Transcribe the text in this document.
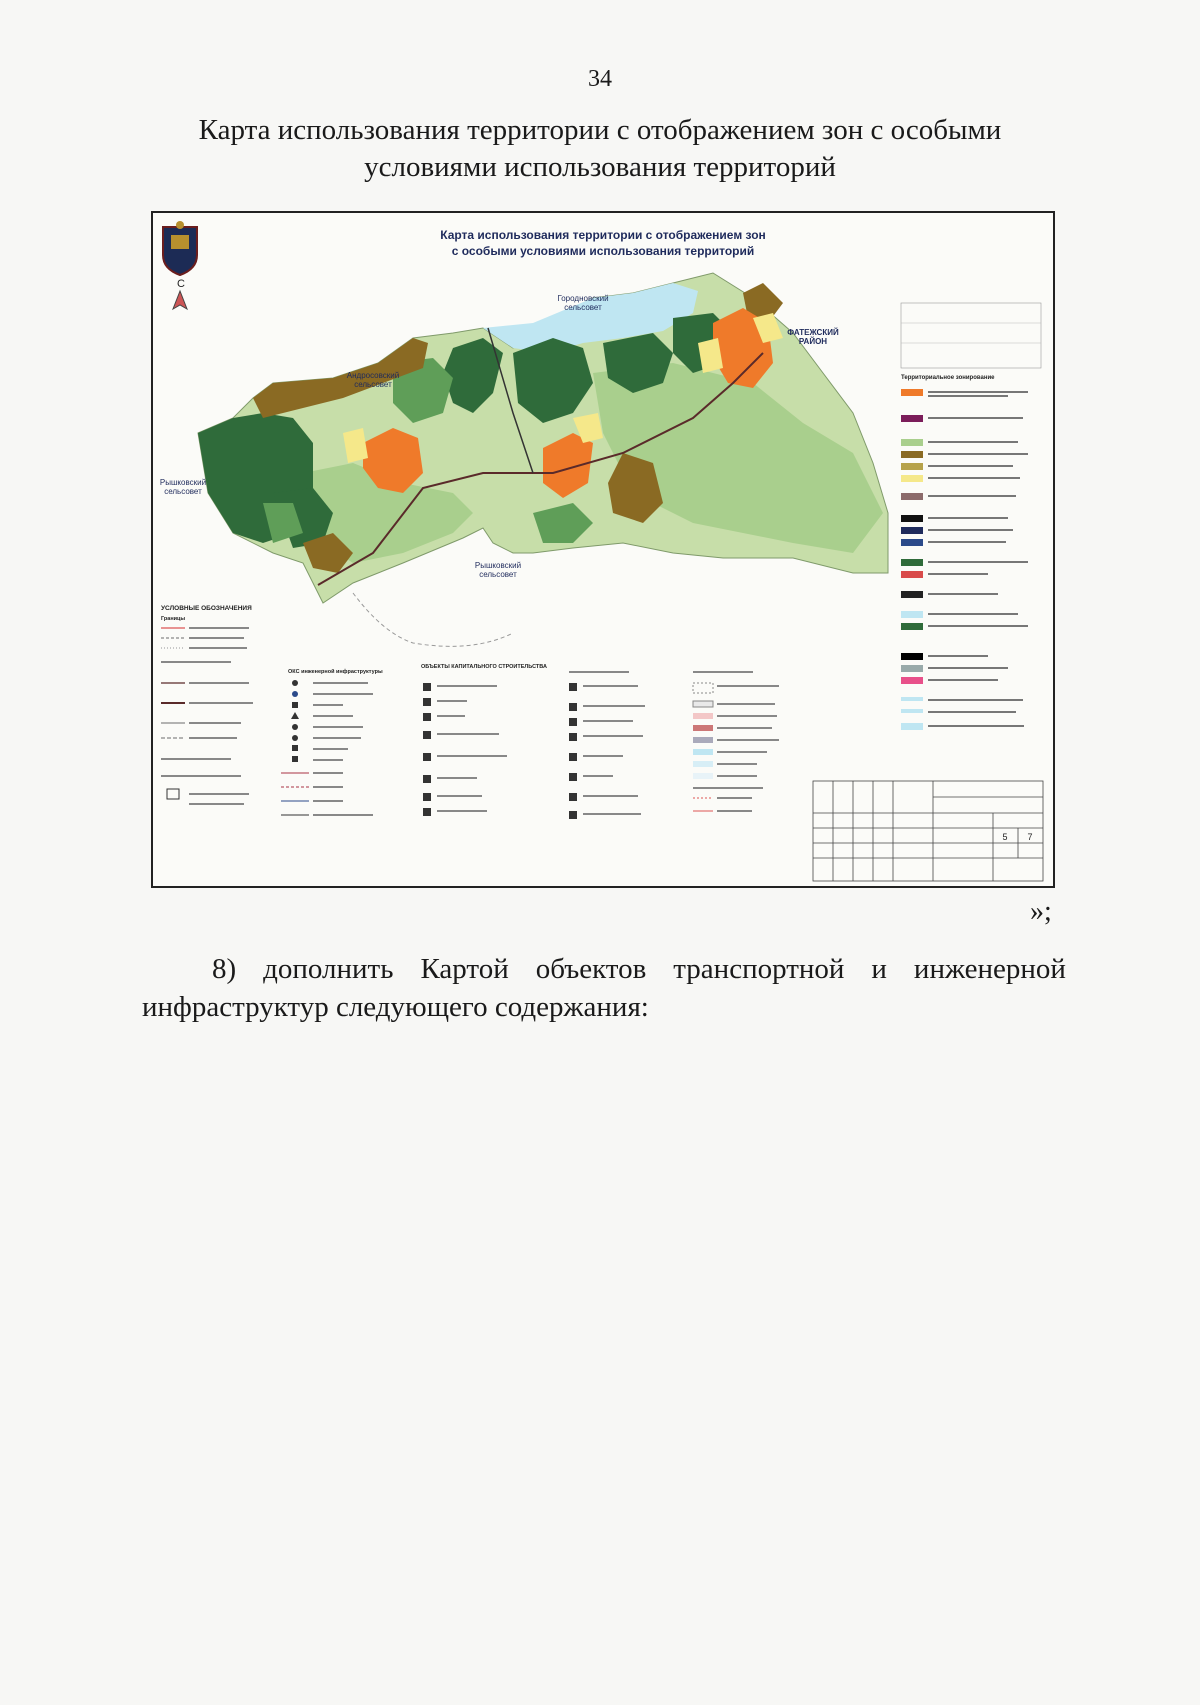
34
Карта использования территории с отображением зон с особыми
условиями использования территорий
С
Карта использования территории с отображением зон
с особыми условиями использования территорий
Городновский
сельсовет
ФАТЕЖСКИЙ
РАЙОН
Андросовский
сельсовет
Рышковский
сельсовет
Рышковский
сельсовет
Территориальное зонирование
УСЛОВНЫЕ ОБОЗНАЧЕНИЯ
Границы
ОКС инженерной инфраструктуры
ОБЪЕКТЫ КАПИТАЛЬНОГО СТРОИТЕЛЬСТВА
5 7
»;
8) дополнить Картой объектов транспортной и инженерной
инфраструктур следующего содержания:
